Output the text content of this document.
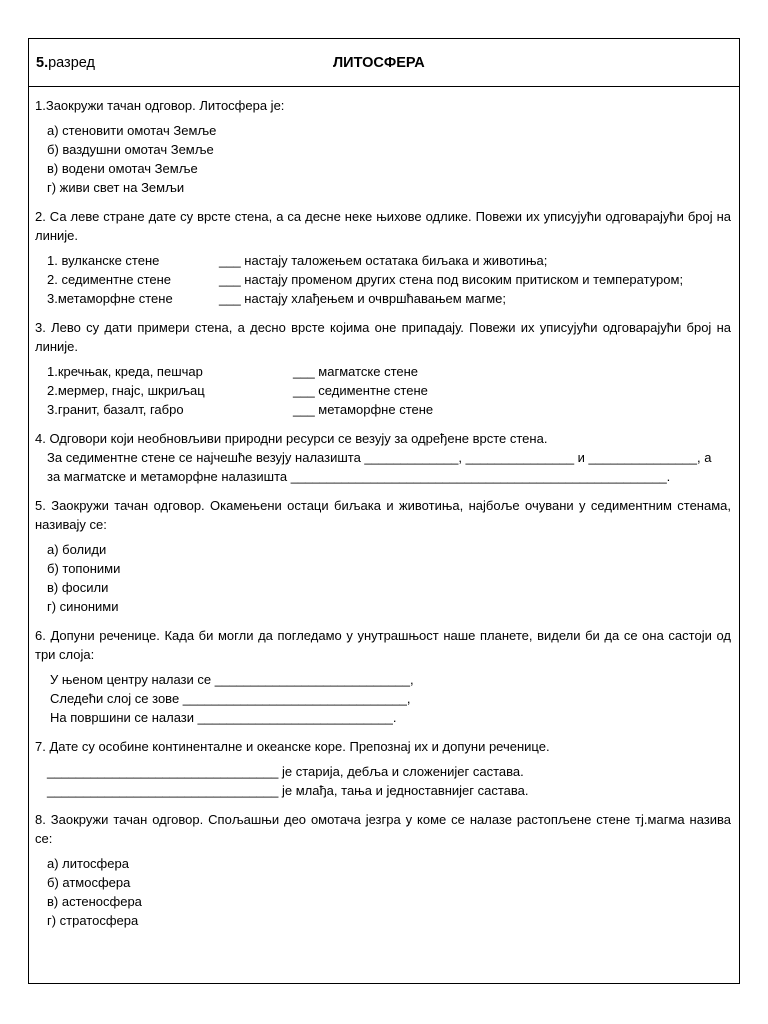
5.разред	ЛИТОСФЕРА

1.Заокружи тачан одговор. Литосфера је:

а) стеновити омотач Земље
б) ваздушни омотач Земље
в) водени омотач Земље
г) живи свет на Земљи

2. Са леве стране дате су врсте стена, а са десне неке њихове одлике. Повежи их уписујући одговарајући број на линије.

1. вулканске стене	___ настају таложењем остатака биљака и животиња;
2. седиментне стене	___ настају променом других стена под високим притиском и температуром;
3.метаморфне стене	___ настају хлађењем и очвршћавањем магме;

3. Лево су дати примери стена, а десно врсте којима оне припадају. Повежи их уписујући одговарајући број на линије.

1.кречњак, креда, пешчар	___ магматске стене
2.мермер, гнајс, шкриљац	___ седиментне стене
3.гранит, базалт, габро	___ метаморфне стене

4. Одговори који необновљиви природни ресурси се везују за одређене врсте стена.

За седиментне стене се најчешће везују налазишта _____________, _______________ и _______________, а
за магматске и метаморфне налазишта ____________________________________________________.

5. Заокружи тачан одговор. Окамењени остаци биљака и животиња, најбоље очувани у седиментним стенама, називају се:

а) болиди
б) топоними
в) фосили
г) синоними

6. Допуни реченице. Када би могли да погледамо у унутрашњост наше планете, видели би да се она састоји од три слоја:

У њеном центру налази се ___________________________,
Следећи слој се зове _______________________________,
На површини се налази ___________________________.

7. Дате су особине континенталне и океанске коре. Препознај их и допуни реченице.

________________________________ је старија, дебља и сложенијег састава.
________________________________ је млађа, тања и једноставнијег састава.

8. Заокружи тачан одговор. Спољашњи део омотача језгра у коме се налазе растопљене стене тј.магма назива се:

а) литосфера
б) атмосфера
в) астеносфера
г) стратосфера
